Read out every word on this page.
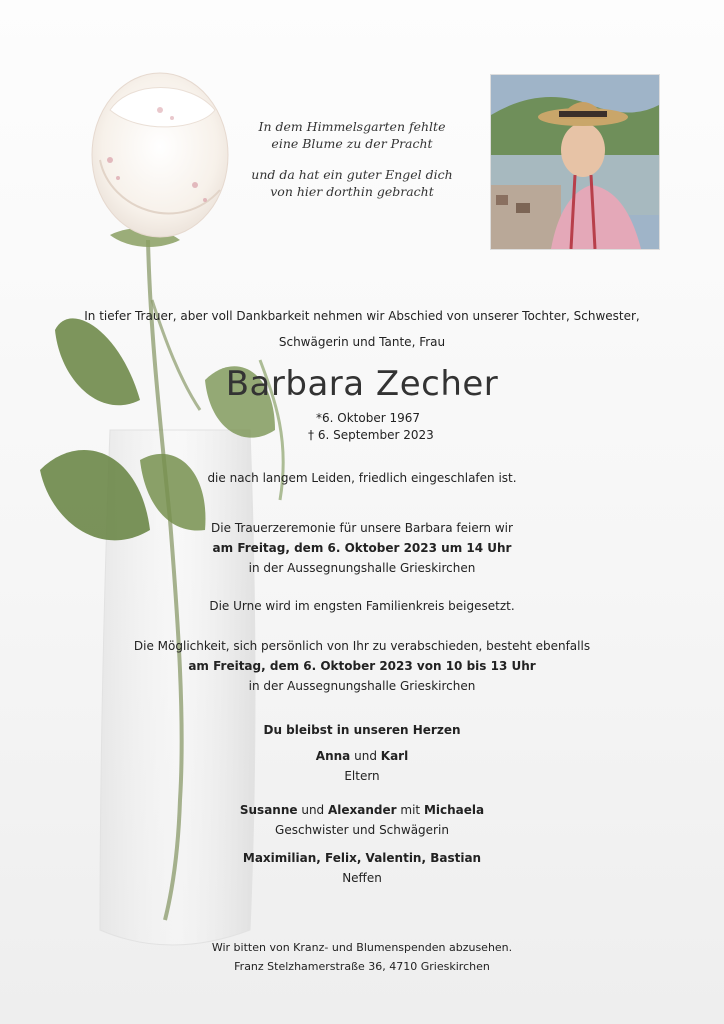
In dem Himmelsgarten fehlte
eine Blume zu der Pracht
und da hat ein guter Engel dich
von hier dorthin gebracht

In tiefer Trauer, aber voll Dankbarkeit nehmen wir Abschied von unserer Tochter, Schwester,

Schwägerin und Tante, Frau

Barbara Zecher
*6. Oktober 1967
† 6. September 2023
die nach langem Leiden, friedlich eingeschlafen ist.

Die Trauerzeremonie für unsere Barbara feiern wir

am Freitag, dem 6. Oktober 2023 um 14 Uhr

in der Aussegnungshalle Grieskirchen

Die Urne wird im engsten Familienkreis beigesetzt.

Die Möglichkeit, sich persönlich von Ihr zu verabschieden, besteht ebenfalls

am Freitag, dem 6. Oktober 2023 von 10 bis 13 Uhr

in der Aussegnungshalle Grieskirchen

Du bleibst in unseren Herzen

Anna und Karl

Eltern

Susanne und Alexander mit Michaela

Geschwister und Schwägerin

Maximilian, Felix, Valentin, Bastian

Neffen

Wir bitten von Kranz- und Blumenspenden abzusehen.

Franz Stelzhamerstraße 36, 4710 Grieskirchen
